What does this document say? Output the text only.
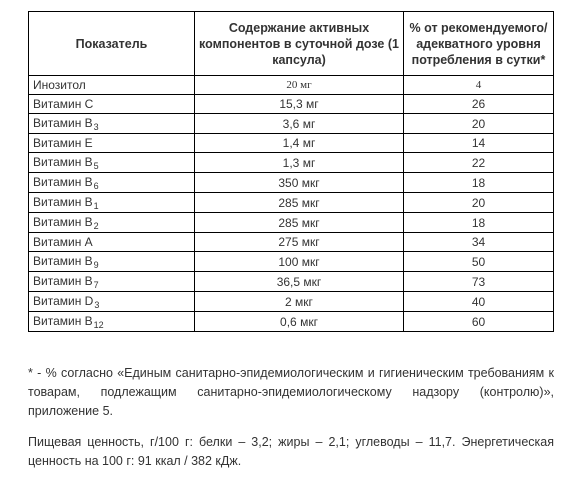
Показатель	Содержание активных компонентов в суточной дозе (1 капсула)	% от рекомендуемого/ адекватного уровня потребления в сутки*
Инозитол	20 мг	4
Витамин С	15,3 мг	26
Витамин $В_3$	3,6 мг	20
Витамин Е	1,4 мг	14
Витамин $В_5$	1,3 мг	22
Витамин $В_6$	350 мкг	18
Витамин $В_1$	285 мкг	20
Витамин $В_2$	285 мкг	18
Витамин А	275 мкг	34
Витамин $В_9$	100 мкг	50
Витамин $В_7$	36,5 мкг	73
Витамин $D_3$	2 мкг	40
Витамин $В_{12}$	0,6 мкг	60

* - % согласно «Единым санитарно-эпидемиологическим и гигиеническим требованиям к товарам, подлежащим санитарно-эпидемиологическому надзору (контролю)», приложение 5.

Пищевая ценность, г/100 г: белки – 3,2; жиры – 2,1; углеводы – 11,7. Энергетическая ценность на 100 г: 91 ккал / 382 кДж.
